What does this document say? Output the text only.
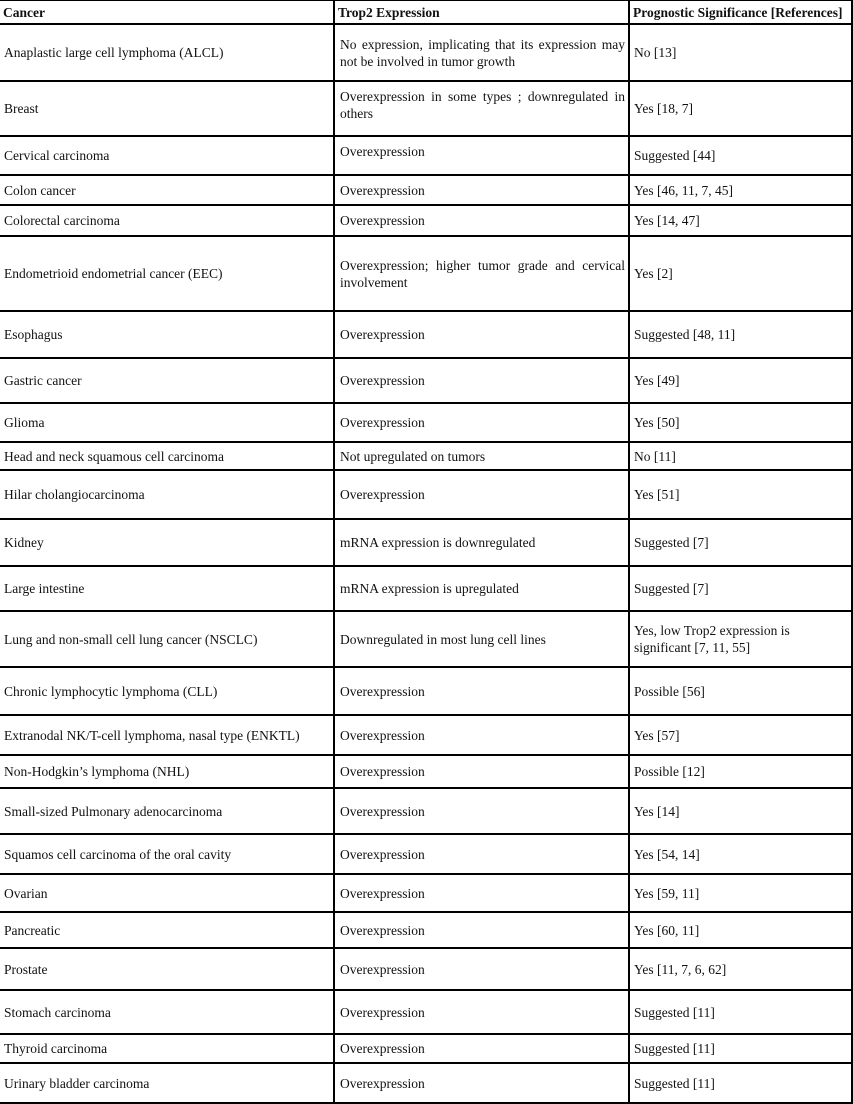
Cancer	Trop2 Expression	Prognostic Significance [References]
Anaplastic large cell lymphoma (ALCL)	No expression, implicating that its expression may not be involved in tumor growth	No [13]
Breast	Overexpression in some types ; downregulated in others	Yes [18, 7]
Cervical carcinoma	Overexpression	Suggested [44]
Colon cancer	Overexpression	Yes [46, 11, 7, 45]
Colorectal carcinoma	Overexpression	Yes [14, 47]
Endometrioid endometrial cancer (EEC)	Overexpression; higher tumor grade and cervical involvement	Yes [2]
Esophagus	Overexpression	Suggested [48, 11]
Gastric cancer	Overexpression	Yes [49]
Glioma	Overexpression	Yes [50]
Head and neck squamous cell carcinoma	Not upregulated on tumors	No [11]
Hilar cholangiocarcinoma	Overexpression	Yes [51]
Kidney	mRNA expression is downregulated	Suggested [7]
Large intestine	mRNA expression is upregulated	Suggested [7]
Lung and non-small cell lung cancer (NSCLC)	Downregulated in most lung cell lines	Yes, low Trop2 expression is significant [7, 11, 55]
Chronic lymphocytic lymphoma (CLL)	Overexpression	Possible [56]
Extranodal NK/T-cell lymphoma, nasal type (ENKTL)	Overexpression	Yes [57]
Non-Hodgkin’s lymphoma (NHL)	Overexpression	Possible [12]
Small-sized Pulmonary adenocarcinoma	Overexpression	Yes [14]
Squamos cell carcinoma of the oral cavity	Overexpression	Yes [54, 14]
Ovarian	Overexpression	Yes [59, 11]
Pancreatic	Overexpression	Yes [60, 11]
Prostate	Overexpression	Yes [11, 7, 6, 62]
Stomach carcinoma	Overexpression	Suggested [11]
Thyroid carcinoma	Overexpression	Suggested [11]
Urinary bladder carcinoma	Overexpression	Suggested [11]
